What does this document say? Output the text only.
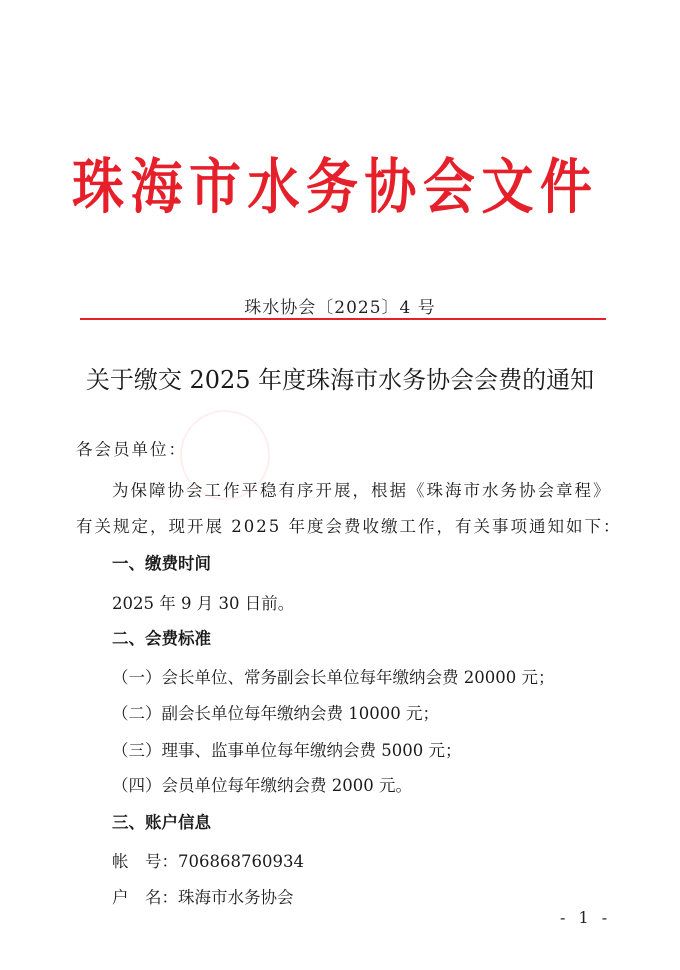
珠 海 市 水 务 协 会 文 件
珠水协会〔2025〕4 号
关于缴交 2025 年度珠海市水务协会会费的通知
各会员单位：
为保障协会工作平稳有序开展，根据《珠海市水务协会章程》
有关规定，现开展 2025 年度会费收缴工作，有关事项通知如下：
一、缴费时间
2025 年 9 月 30 日前。
二、会费标准
（一）会长单位、常务副会长单位每年缴纳会费 20000 元；
（二）副会长单位每年缴纳会费 10000 元；
（三）理事、监事单位每年缴纳会费 5000 元；
（四）会员单位每年缴纳会费 2000 元。
三、账户信息
帐　号：706868760934
户　名：珠海市水务协会
- 1 -
